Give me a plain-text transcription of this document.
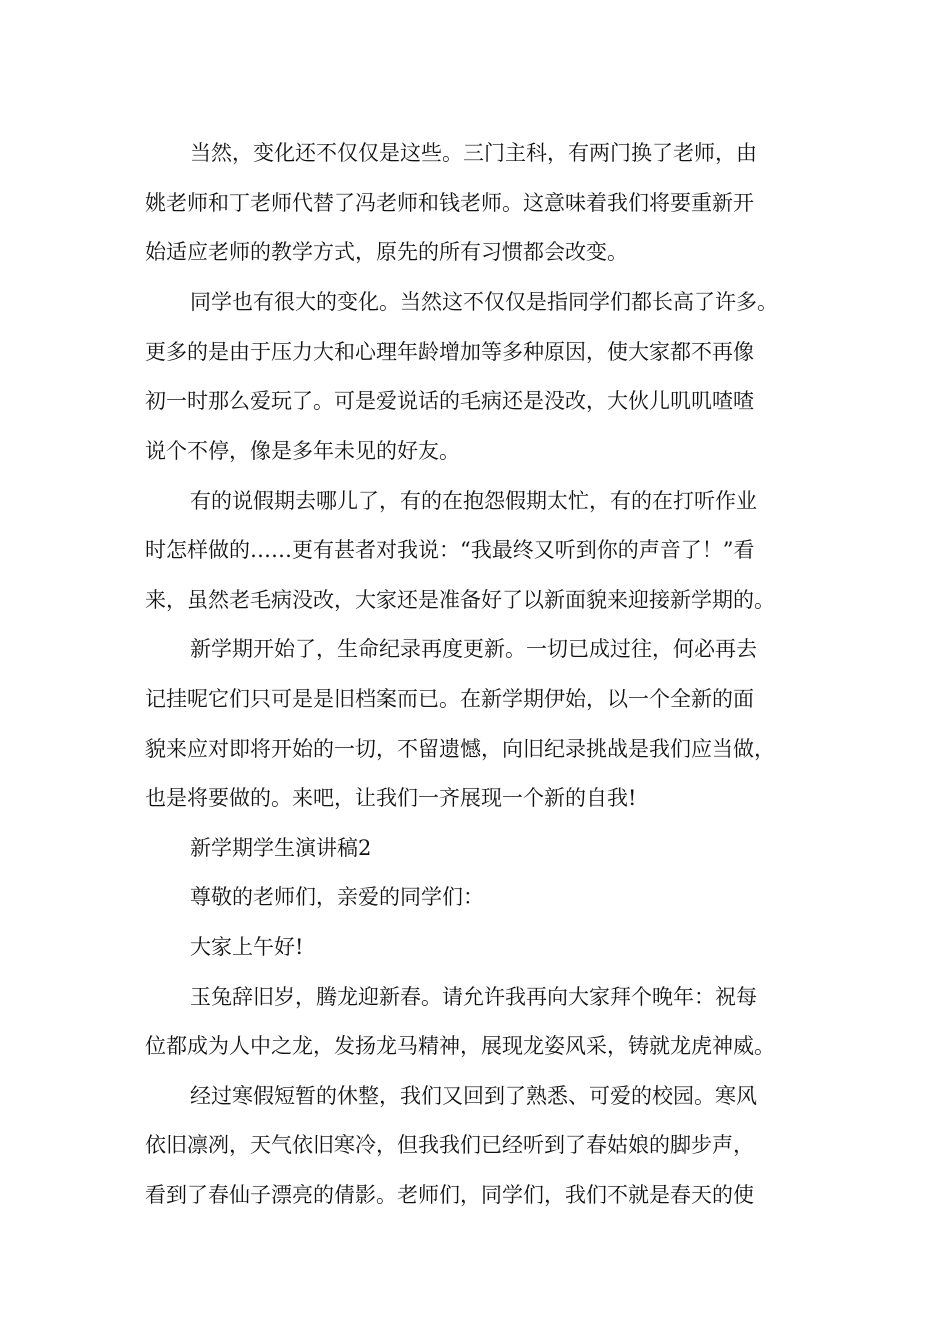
当然，变化还不仅仅是这些。三门主科，有两门换了老师，由
姚老师和丁老师代替了冯老师和钱老师。这意味着我们将要重新开
始适应老师的教学方式，原先的所有习惯都会改变。
同学也有很大的变化。当然这不仅仅是指同学们都长高了许多。
更多的是由于压力大和心理年龄增加等多种原因，使大家都不再像
初一时那么爱玩了。可是爱说话的毛病还是没改，大伙儿叽叽喳喳
说个不停，像是多年未见的好友。
有的说假期去哪儿了，有的在抱怨假期太忙，有的在打听作业
时怎样做的……更有甚者对我说：“我最终又听到你的声音了！”看
来，虽然老毛病没改，大家还是准备好了以新面貌来迎接新学期的。
新学期开始了，生命纪录再度更新。一切已成过往，何必再去
记挂呢它们只可是是旧档案而已。在新学期伊始，以一个全新的面
貌来应对即将开始的一切，不留遗憾，向旧纪录挑战是我们应当做，
也是将要做的。来吧，让我们一齐展现一个新的自我!
新学期学生演讲稿2
尊敬的老师们，亲爱的同学们：
大家上午好!
玉兔辞旧岁，腾龙迎新春。请允许我再向大家拜个晚年：祝每
位都成为人中之龙，发扬龙马精神，展现龙姿风采，铸就龙虎神威。
经过寒假短暂的休整，我们又回到了熟悉、可爱的校园。寒风
依旧凛冽，天气依旧寒冷，但我我们已经听到了春姑娘的脚步声，
看到了春仙子漂亮的倩影。老师们，同学们，我们不就是春天的使
